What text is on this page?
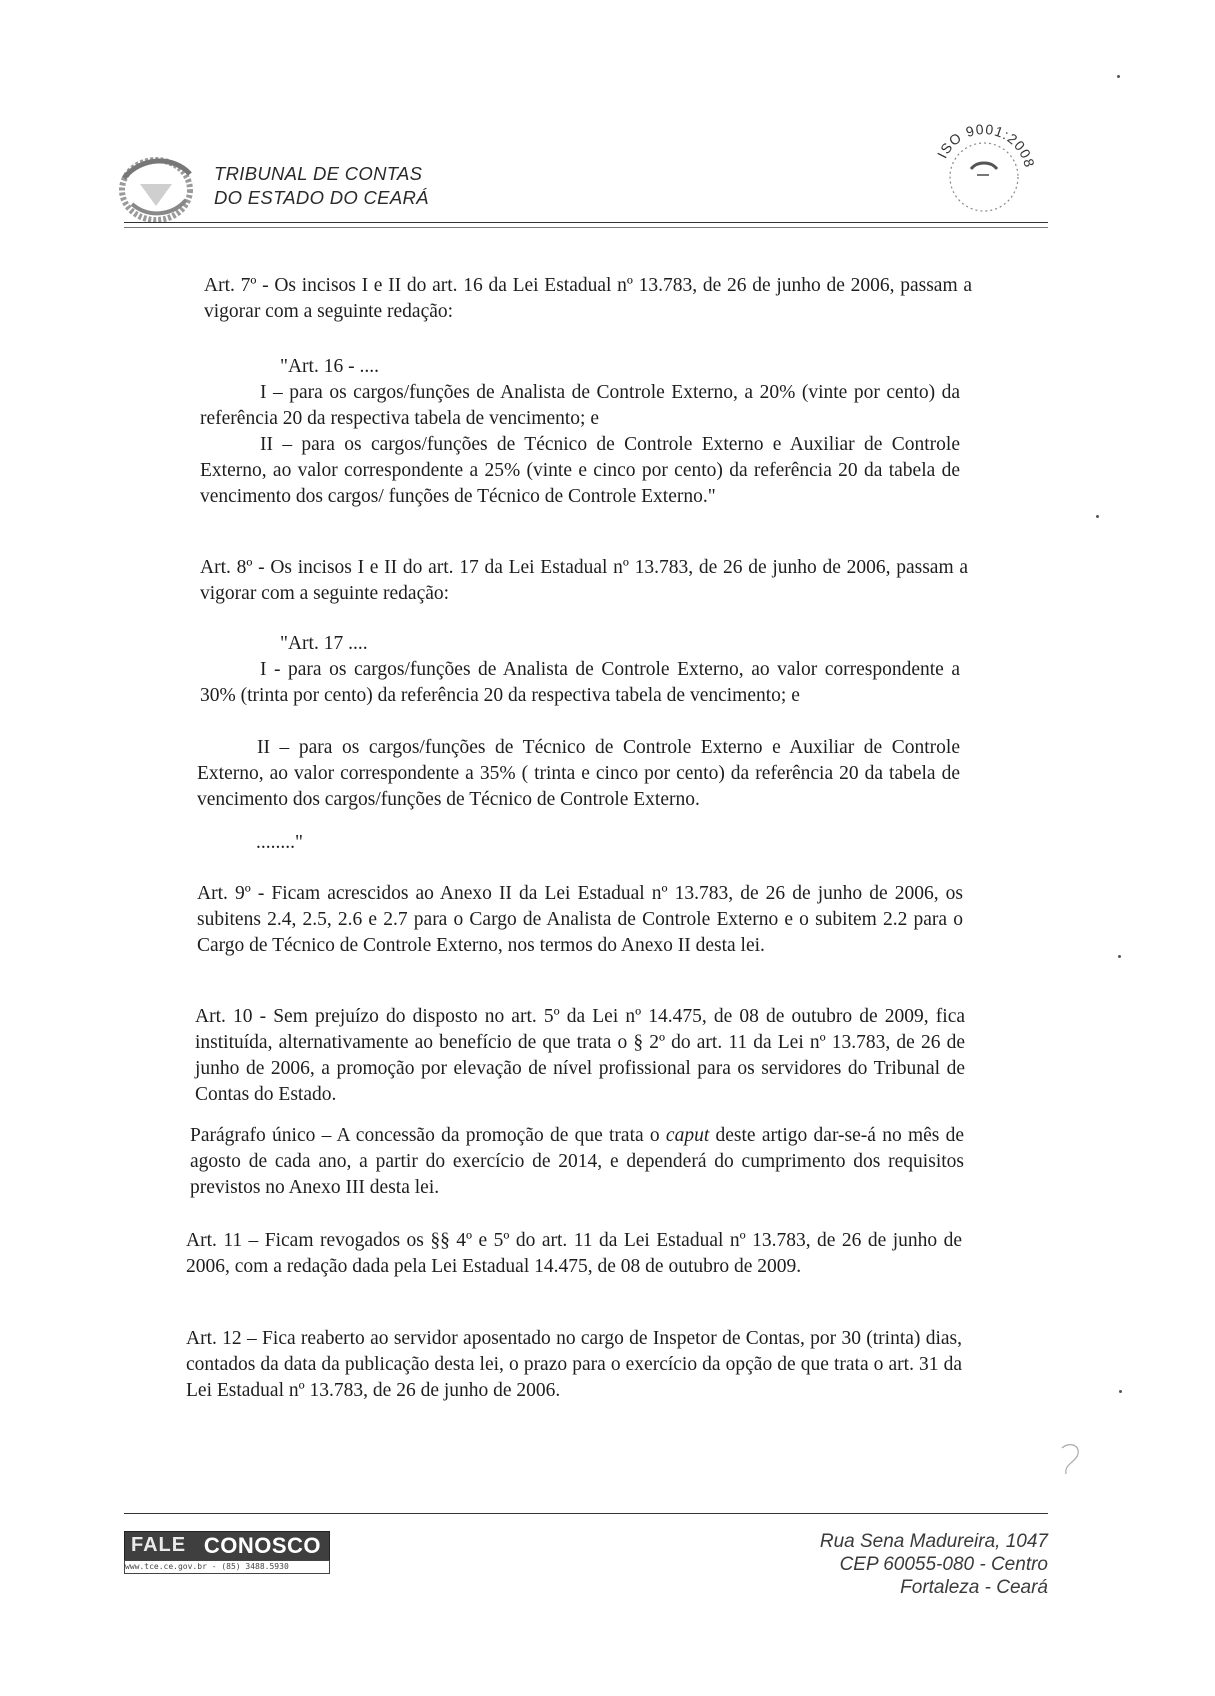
TRIBUNAL DE CONTAS
DO ESTADO DO CEARÁ
ISO 9001:2008

Art. 7º - Os incisos I e II do art. 16 da Lei Estadual nº 13.783, de 26 de junho de 2006, passam a vigorar com a seguinte redação:

"Art. 16 - ....

I – para os cargos/funções de Analista de Controle Externo, a 20% (vinte por cento) da referência 20 da respectiva tabela de vencimento; e

II – para os cargos/funções de Técnico de Controle Externo e Auxiliar de Controle Externo, ao valor correspondente a 25% (vinte e cinco por cento) da referência 20 da tabela de vencimento dos cargos/ funções de Técnico de Controle Externo."

Art. 8º - Os incisos I e II do art. 17 da Lei Estadual nº 13.783, de 26 de junho de 2006, passam a vigorar com a seguinte redação:

"Art. 17 ....

I - para os cargos/funções de Analista de Controle Externo, ao valor correspondente a 30% (trinta por cento) da referência 20 da respectiva tabela de vencimento; e

II – para os cargos/funções de Técnico de Controle Externo e Auxiliar de Controle Externo, ao valor correspondente a 35% ( trinta e cinco por cento) da referência 20 da tabela de vencimento dos cargos/funções de Técnico de Controle Externo.

........"

Art. 9º - Ficam acrescidos ao Anexo II da Lei Estadual nº 13.783, de 26 de junho de 2006, os subitens 2.4, 2.5, 2.6 e 2.7 para o Cargo de Analista de Controle Externo e o subitem 2.2 para o Cargo de Técnico de Controle Externo, nos termos do Anexo II desta lei.

Art. 10 - Sem prejuízo do disposto no art. 5º da Lei nº 14.475, de 08 de outubro de 2009, fica instituída, alternativamente ao benefício de que trata o § 2º do art. 11 da Lei nº 13.783, de 26 de junho de 2006, a promoção por elevação de nível profissional para os servidores do Tribunal de Contas do Estado.

Parágrafo único – A concessão da promoção de que trata o caput deste artigo dar-se-á no mês de agosto de cada ano, a partir do exercício de 2014, e dependerá do cumprimento dos requisitos previstos no Anexo III desta lei.

Art. 11 – Ficam revogados os §§ 4º e 5º do art. 11 da Lei Estadual nº 13.783, de 26 de junho de 2006, com a redação dada pela Lei Estadual 14.475, de 08 de outubro de 2009.

Art. 12 – Fica reaberto ao servidor aposentado no cargo de Inspetor de Contas, por 30 (trinta) dias, contados da data da publicação desta lei, o prazo para o exercício da opção de que trata o art. 31 da Lei Estadual nº 13.783, de 26 de junho de 2006.

FALE CONOSCO
www.tce.ce.gov.br - (85) 3488.5930
Rua Sena Madureira, 1047
CEP 60055-080 - Centro
Fortaleza - Ceará
